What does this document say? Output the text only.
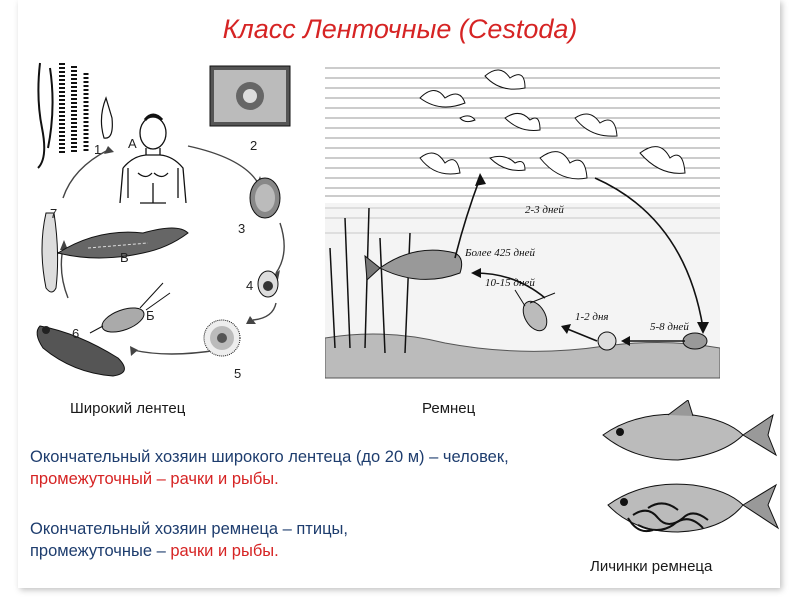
Класс Ленточные (Cestoda)
1	2
3
4
5
6
7
А
Б
В
Широкий лентец
2-3 дней
Более 425 дней
10-15 дней
1-2 дня
5-8 дней
Ремнец
Личинки ремнеца
Окончательный хозяин широкого лентеца (до 20 м) – человек, промежуточный – рачки и рыбы.
Окончательный хозяин ремнеца – птицы, промежуточные – рачки и рыбы.
